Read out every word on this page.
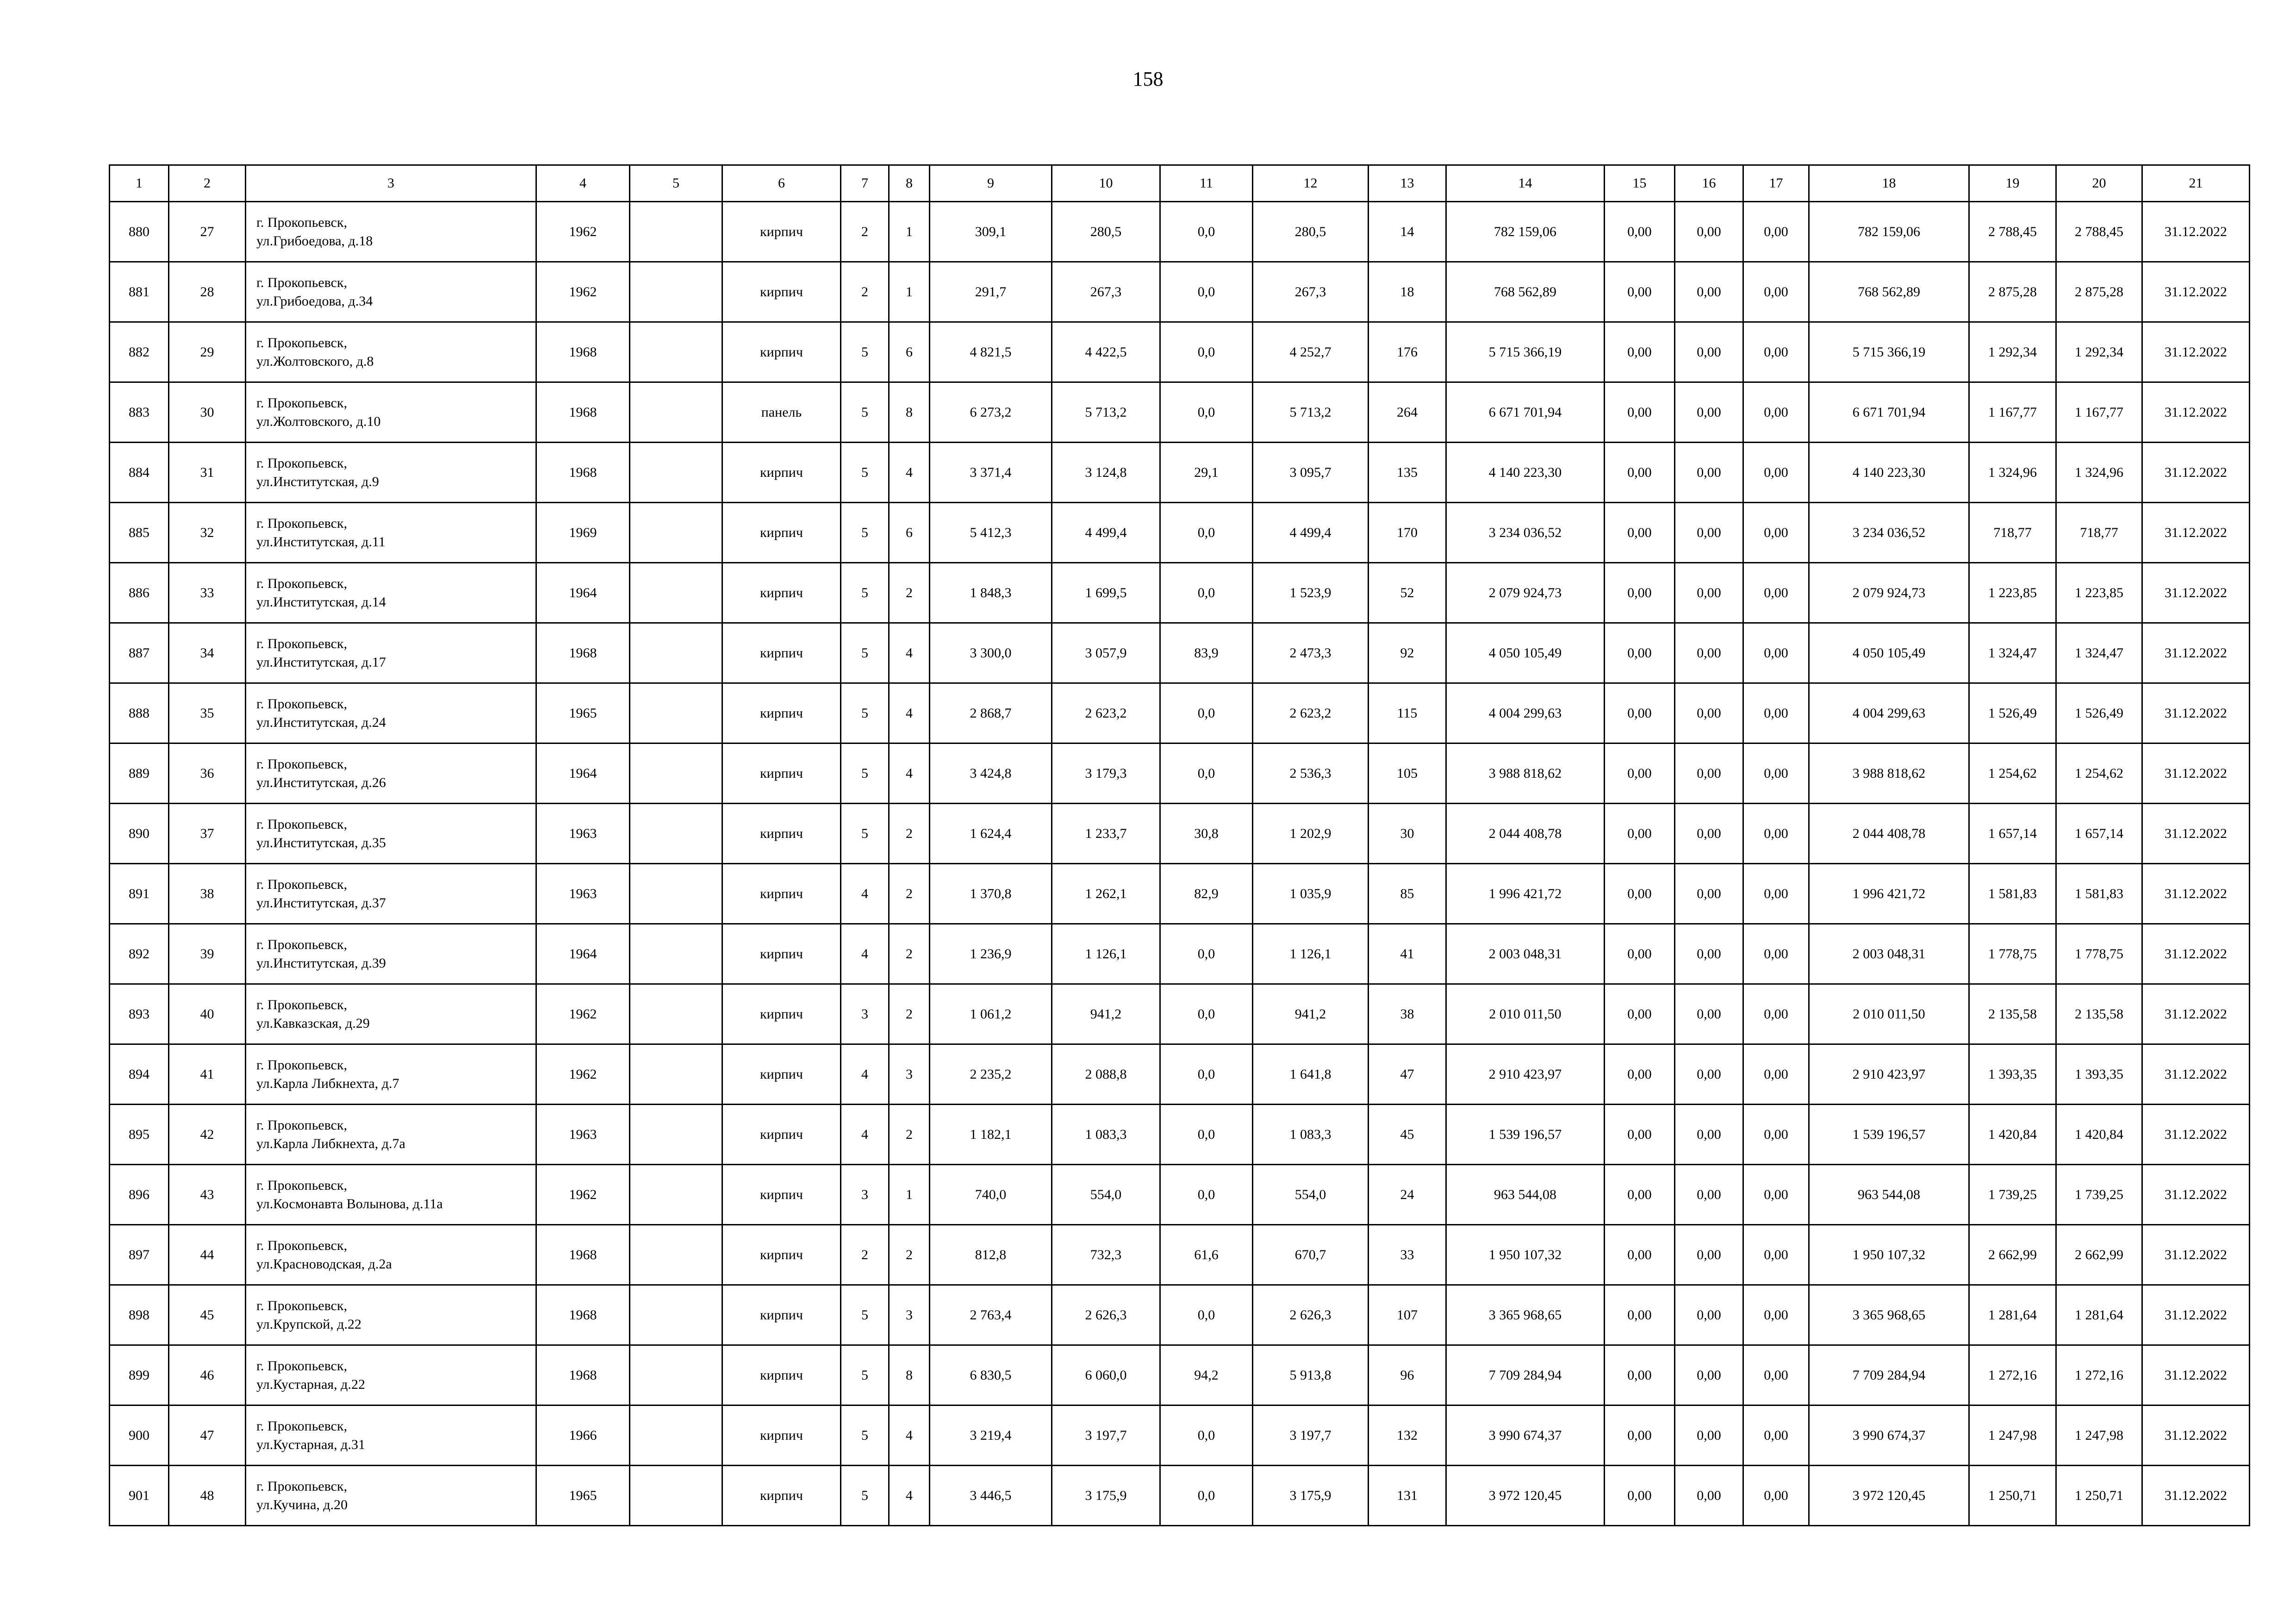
158
1	2	3	4	5	6	7	8	9	10	11	12	13	14	15	16	17	18	19	20	21
880	27	г. Прокопьевск,
ул.Грибоедова, д.18	1962		кирпич	2	1	309,1	280,5	0,0	280,5	14	782 159,06	0,00	0,00	0,00	782 159,06	2 788,45	2 788,45	31.12.2022
881	28	г. Прокопьевск,
ул.Грибоедова, д.34	1962		кирпич	2	1	291,7	267,3	0,0	267,3	18	768 562,89	0,00	0,00	0,00	768 562,89	2 875,28	2 875,28	31.12.2022
882	29	г. Прокопьевск,
ул.Жолтовского, д.8	1968		кирпич	5	6	4 821,5	4 422,5	0,0	4 252,7	176	5 715 366,19	0,00	0,00	0,00	5 715 366,19	1 292,34	1 292,34	31.12.2022
883	30	г. Прокопьевск,
ул.Жолтовского, д.10	1968		панель	5	8	6 273,2	5 713,2	0,0	5 713,2	264	6 671 701,94	0,00	0,00	0,00	6 671 701,94	1 167,77	1 167,77	31.12.2022
884	31	г. Прокопьевск,
ул.Институтская, д.9	1968		кирпич	5	4	3 371,4	3 124,8	29,1	3 095,7	135	4 140 223,30	0,00	0,00	0,00	4 140 223,30	1 324,96	1 324,96	31.12.2022
885	32	г. Прокопьевск,
ул.Институтская, д.11	1969		кирпич	5	6	5 412,3	4 499,4	0,0	4 499,4	170	3 234 036,52	0,00	0,00	0,00	3 234 036,52	718,77	718,77	31.12.2022
886	33	г. Прокопьевск,
ул.Институтская, д.14	1964		кирпич	5	2	1 848,3	1 699,5	0,0	1 523,9	52	2 079 924,73	0,00	0,00	0,00	2 079 924,73	1 223,85	1 223,85	31.12.2022
887	34	г. Прокопьевск,
ул.Институтская, д.17	1968		кирпич	5	4	3 300,0	3 057,9	83,9	2 473,3	92	4 050 105,49	0,00	0,00	0,00	4 050 105,49	1 324,47	1 324,47	31.12.2022
888	35	г. Прокопьевск,
ул.Институтская, д.24	1965		кирпич	5	4	2 868,7	2 623,2	0,0	2 623,2	115	4 004 299,63	0,00	0,00	0,00	4 004 299,63	1 526,49	1 526,49	31.12.2022
889	36	г. Прокопьевск,
ул.Институтская, д.26	1964		кирпич	5	4	3 424,8	3 179,3	0,0	2 536,3	105	3 988 818,62	0,00	0,00	0,00	3 988 818,62	1 254,62	1 254,62	31.12.2022
890	37	г. Прокопьевск,
ул.Институтская, д.35	1963		кирпич	5	2	1 624,4	1 233,7	30,8	1 202,9	30	2 044 408,78	0,00	0,00	0,00	2 044 408,78	1 657,14	1 657,14	31.12.2022
891	38	г. Прокопьевск,
ул.Институтская, д.37	1963		кирпич	4	2	1 370,8	1 262,1	82,9	1 035,9	85	1 996 421,72	0,00	0,00	0,00	1 996 421,72	1 581,83	1 581,83	31.12.2022
892	39	г. Прокопьевск,
ул.Институтская, д.39	1964		кирпич	4	2	1 236,9	1 126,1	0,0	1 126,1	41	2 003 048,31	0,00	0,00	0,00	2 003 048,31	1 778,75	1 778,75	31.12.2022
893	40	г. Прокопьевск,
ул.Кавказская, д.29	1962		кирпич	3	2	1 061,2	941,2	0,0	941,2	38	2 010 011,50	0,00	0,00	0,00	2 010 011,50	2 135,58	2 135,58	31.12.2022
894	41	г. Прокопьевск,
ул.Карла Либкнехта, д.7	1962		кирпич	4	3	2 235,2	2 088,8	0,0	1 641,8	47	2 910 423,97	0,00	0,00	0,00	2 910 423,97	1 393,35	1 393,35	31.12.2022
895	42	г. Прокопьевск,
ул.Карла Либкнехта, д.7а	1963		кирпич	4	2	1 182,1	1 083,3	0,0	1 083,3	45	1 539 196,57	0,00	0,00	0,00	1 539 196,57	1 420,84	1 420,84	31.12.2022
896	43	г. Прокопьевск,
ул.Космонавта Волынова, д.11а	1962		кирпич	3	1	740,0	554,0	0,0	554,0	24	963 544,08	0,00	0,00	0,00	963 544,08	1 739,25	1 739,25	31.12.2022
897	44	г. Прокопьевск,
ул.Красноводская, д.2а	1968		кирпич	2	2	812,8	732,3	61,6	670,7	33	1 950 107,32	0,00	0,00	0,00	1 950 107,32	2 662,99	2 662,99	31.12.2022
898	45	г. Прокопьевск,
ул.Крупской, д.22	1968		кирпич	5	3	2 763,4	2 626,3	0,0	2 626,3	107	3 365 968,65	0,00	0,00	0,00	3 365 968,65	1 281,64	1 281,64	31.12.2022
899	46	г. Прокопьевск,
ул.Кустарная, д.22	1968		кирпич	5	8	6 830,5	6 060,0	94,2	5 913,8	96	7 709 284,94	0,00	0,00	0,00	7 709 284,94	1 272,16	1 272,16	31.12.2022
900	47	г. Прокопьевск,
ул.Кустарная, д.31	1966		кирпич	5	4	3 219,4	3 197,7	0,0	3 197,7	132	3 990 674,37	0,00	0,00	0,00	3 990 674,37	1 247,98	1 247,98	31.12.2022
901	48	г. Прокопьевск,
ул.Кучина, д.20	1965		кирпич	5	4	3 446,5	3 175,9	0,0	3 175,9	131	3 972 120,45	0,00	0,00	0,00	3 972 120,45	1 250,71	1 250,71	31.12.2022
